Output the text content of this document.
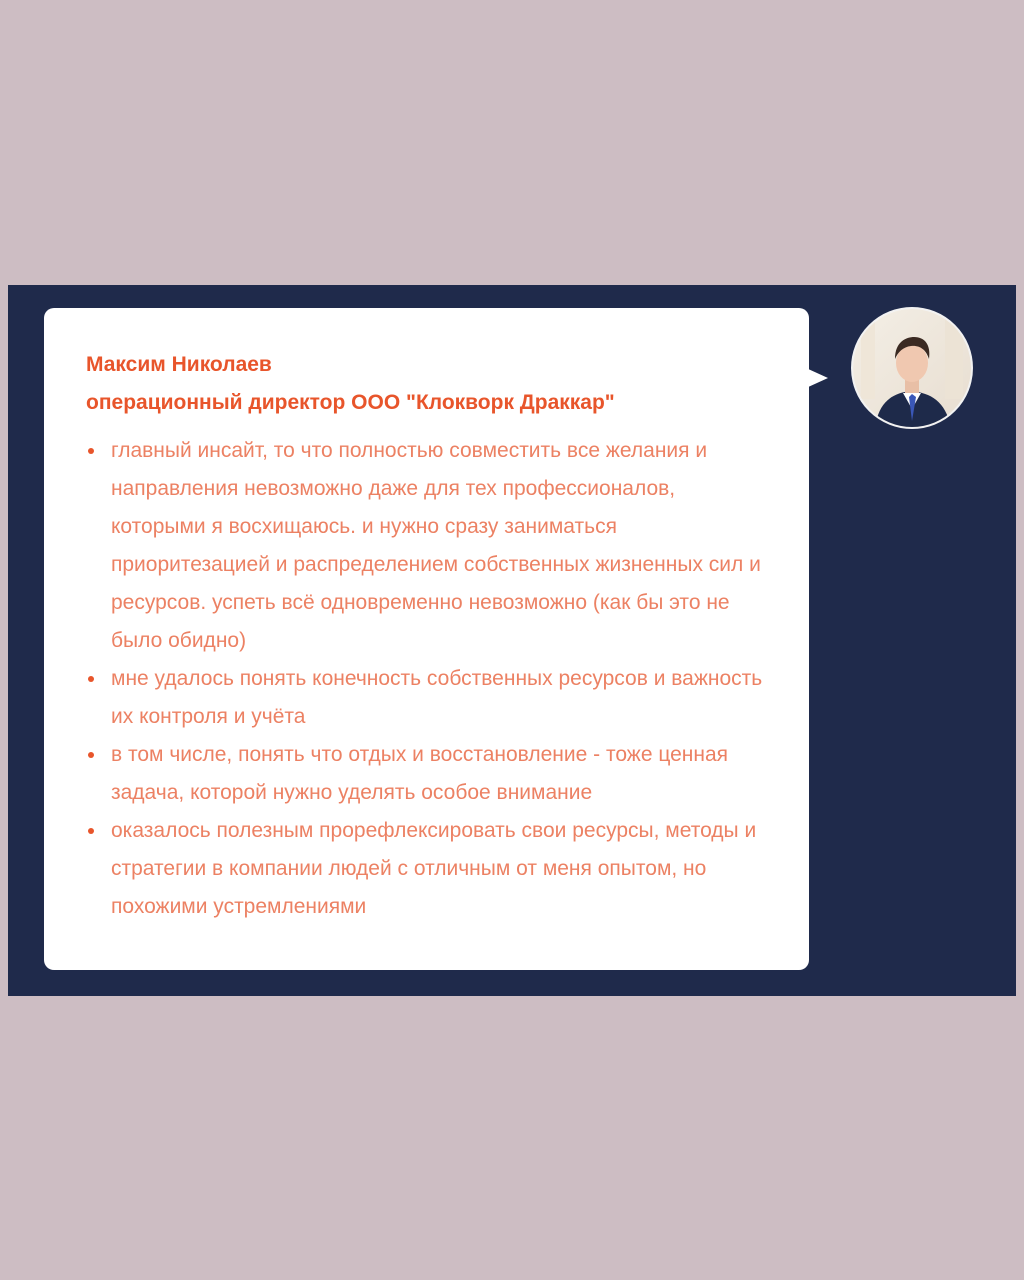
Максим Николаев

операционный директор ООО "Клокворк Драккар"

главный инсайт, то что полностью совместить все желания и направления невозможно даже для тех профессионалов, которыми я восхищаюсь. и нужно сразу заниматься приоритезацией и распределением собственных жизненных сил и ресурсов. успеть всё одновременно невозможно (как бы это не было обидно)
мне удалось понять конечность собственных ресурсов и важность их контроля и учёта
в том числе, понять что отдых и восстановление - тоже ценная задача, которой нужно уделять особое внимание
оказалось полезным прорефлексировать свои ресурсы, методы и стратегии в компании людей с отличным от меня опытом, но похожими устремлениями
